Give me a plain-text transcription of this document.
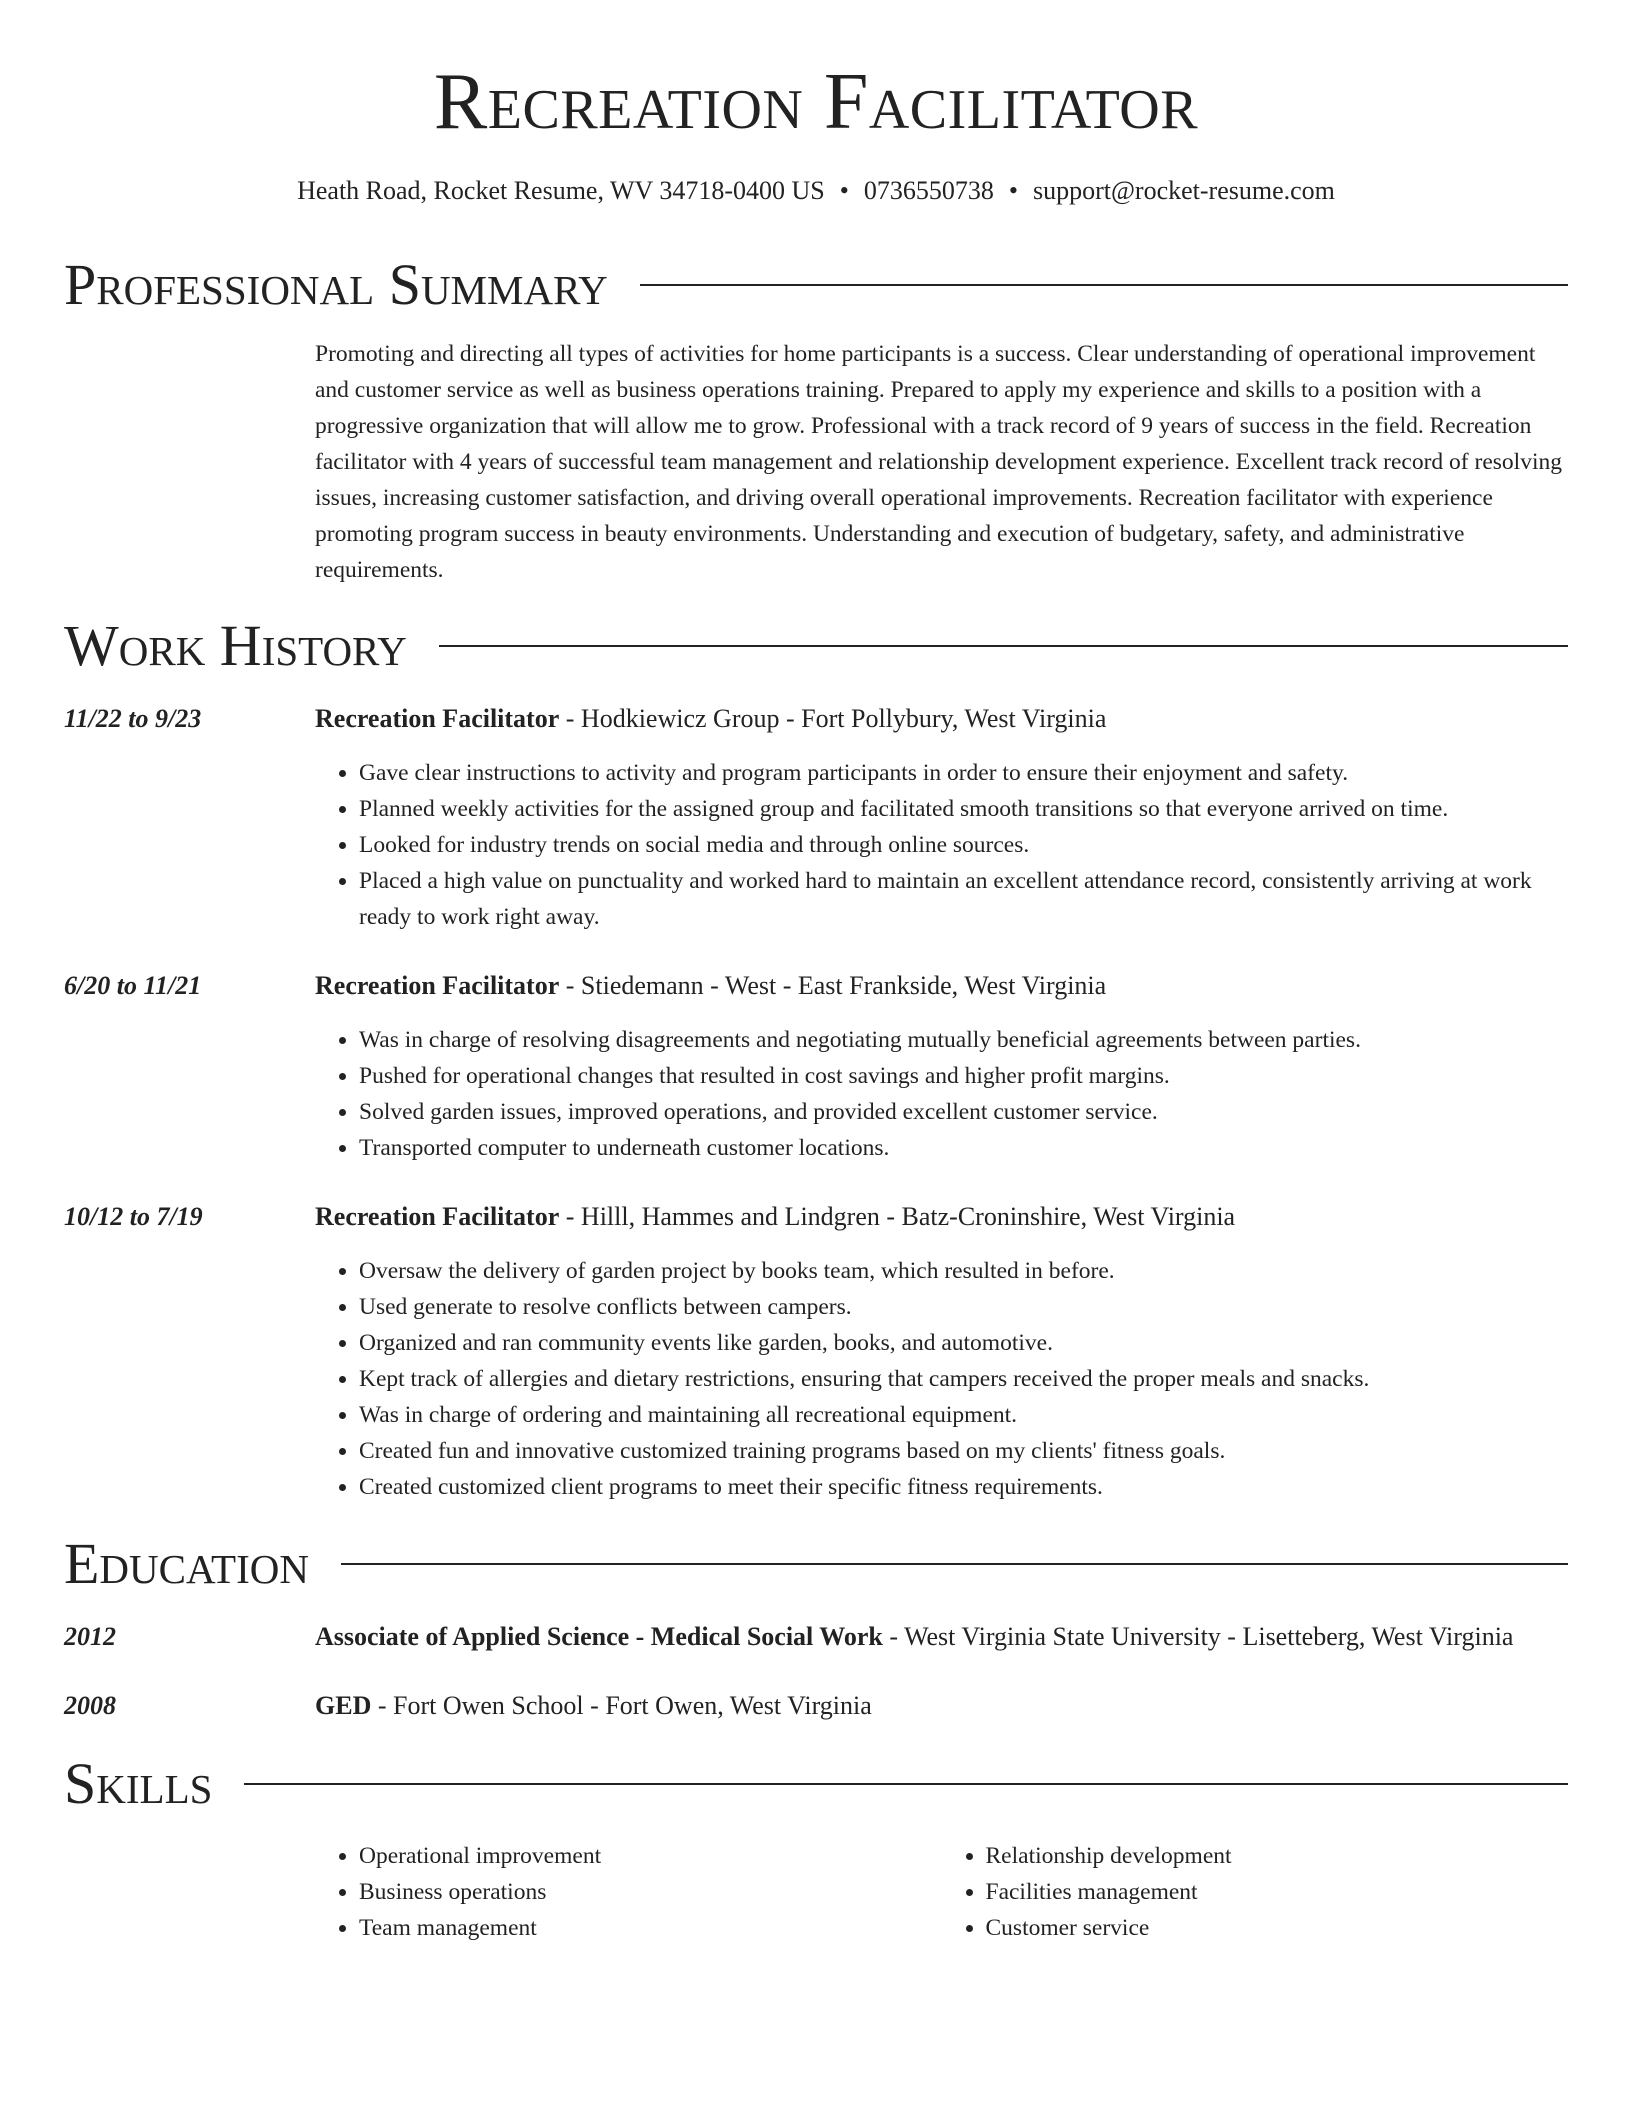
Recreation Facilitator
Heath Road, Rocket Resume, WV 34718-0400 US • 0736550738 • support@rocket-resume.com
Professional Summary

Promoting and directing all types of activities for home participants is a success. Clear understanding of operational improvement and customer service as well as business operations training. Prepared to apply my experience and skills to a position with a progressive organization that will allow me to grow. Professional with a track record of 9 years of success in the field. Recreation facilitator with 4 years of successful team management and relationship development experience. Excellent track record of resolving issues, increasing customer satisfaction, and driving overall operational improvements. Recreation facilitator with experience promoting program success in beauty environments. Understanding and execution of budgetary, safety, and administrative requirements.

Work History
11/22 to 9/23	Recreation Facilitator - Hodkiewicz Group - Fort Pollybury, West Virginia
• Gave clear instructions to activity and program participants in order to ensure their enjoyment and safety.
• Planned weekly activities for the assigned group and facilitated smooth transitions so that everyone arrived on time.
• Looked for industry trends on social media and through online sources.
• Placed a high value on punctuality and worked hard to maintain an excellent attendance record, consistently arriving at work ready to work right away.
6/20 to 11/21	Recreation Facilitator - Stiedemann - West - East Frankside, West Virginia
• Was in charge of resolving disagreements and negotiating mutually beneficial agreements between parties.
• Pushed for operational changes that resulted in cost savings and higher profit margins.
• Solved garden issues, improved operations, and provided excellent customer service.
• Transported computer to underneath customer locations.
10/12 to 7/19	Recreation Facilitator - Hilll, Hammes and Lindgren - Batz-Croninshire, West Virginia
• Oversaw the delivery of garden project by books team, which resulted in before.
• Used generate to resolve conflicts between campers.
• Organized and ran community events like garden, books, and automotive.
• Kept track of allergies and dietary restrictions, ensuring that campers received the proper meals and snacks.
• Was in charge of ordering and maintaining all recreational equipment.
• Created fun and innovative customized training programs based on my clients' fitness goals.
• Created customized client programs to meet their specific fitness requirements.
Education
2012	Associate of Applied Science - Medical Social Work - West Virginia State University - Lisetteberg, West Virginia
2008	GED - Fort Owen School - Fort Owen, West Virginia
Skills
• Operational improvement
• Business operations
• Team management
• Relationship development
• Facilities management
• Customer service
